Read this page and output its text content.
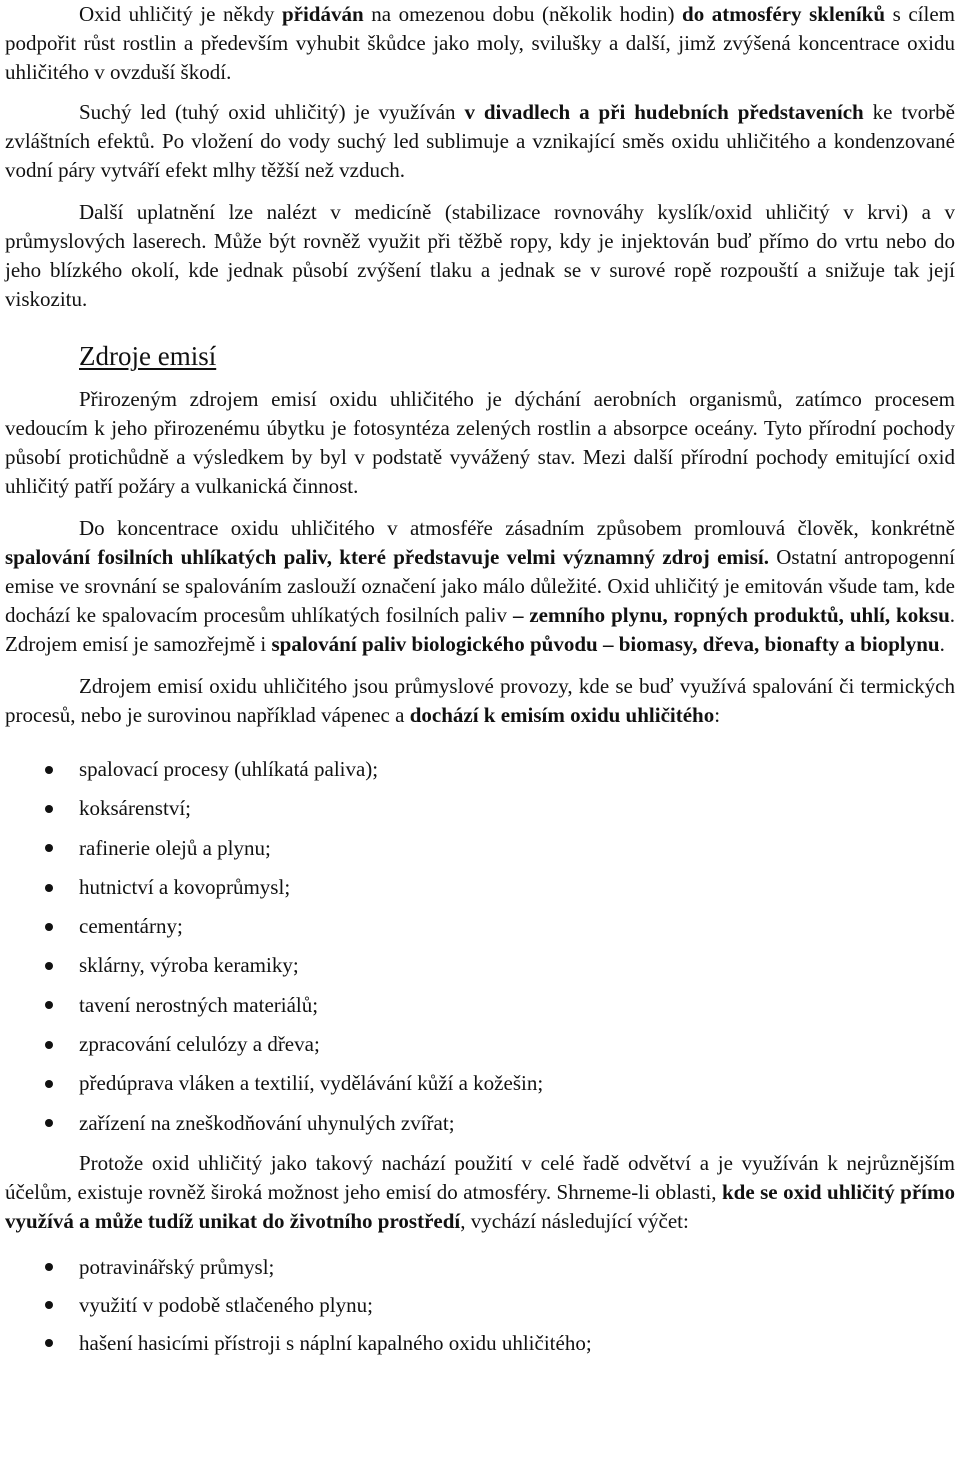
Oxid uhličitý je někdy přidáván na omezenou dobu (několik hodin) do atmosféry skleníků s cílem podpořit růst rostlin a především vyhubit škůdce jako moly, svilušky a další, jimž zvýšená koncentrace oxidu uhličitého v ovzduší škodí.

Suchý led (tuhý oxid uhličitý) je využíván v divadlech a při hudebních představeních ke tvorbě zvláštních efektů. Po vložení do vody suchý led sublimuje a vznikající směs oxidu uhličitého a kondenzované vodní páry vytváří efekt mlhy těžší než vzduch.

Další uplatnění lze nalézt v medicíně (stabilizace rovnováhy kyslík/oxid uhličitý v krvi) a v průmyslových laserech. Může být rovněž využit při těžbě ropy, kdy je injektován buď přímo do vrtu nebo do jeho blízkého okolí, kde jednak působí zvýšení tlaku a jednak se v surové ropě rozpouští a snižuje tak její viskozitu.

Zdroje emisí

Přirozeným zdrojem emisí oxidu uhličitého je dýchání aerobních organismů, zatímco procesem vedoucím k jeho přirozenému úbytku je fotosyntéza zelených rostlin a absorpce oceány. Tyto přírodní pochody působí protichůdně a výsledkem by byl v podstatě vyvážený stav. Mezi další přírodní pochody emitující oxid uhličitý patří požáry a vulkanická činnost.

Do koncentrace oxidu uhličitého v atmosféře zásadním způsobem promlouvá člověk, konkrétně spalování fosilních uhlíkatých paliv, které představuje velmi významný zdroj emisí. Ostatní antropogenní emise ve srovnání se spalováním zaslouží označení jako málo důležité. Oxid uhličitý je emitován všude tam, kde dochází ke spalovacím procesům uhlíkatých fosilních paliv – zemního plynu, ropných produktů, uhlí, koksu. Zdrojem emisí je samozřejmě i spalování paliv biologického původu – biomasy, dřeva, bionafty a bioplynu.

Zdrojem emisí oxidu uhličitého jsou průmyslové provozy, kde se buď využívá spalování či termických procesů, nebo je surovinou například vápenec a dochází k emisím oxidu uhličitého:

spalovací procesy (uhlíkatá paliva);
koksárenství;
rafinerie olejů a plynu;
hutnictví a kovoprůmysl;
cementárny;
sklárny, výroba keramiky;
tavení nerostných materiálů;
zpracování celulózy a dřeva;
předúprava vláken a textilií, vydělávání kůží a kožešin;
zařízení na zneškodňování uhynulých zvířat;

Protože oxid uhličitý jako takový nachází použití v celé řadě odvětví a je využíván k nejrůznějším účelům, existuje rovněž široká možnost jeho emisí do atmosféry. Shrneme-li oblasti, kde se oxid uhličitý přímo využívá a může tudíž unikat do životního prostředí, vychází následující výčet:

potravinářský průmysl;
využití v podobě stlačeného plynu;
hašení hasicími přístroji s náplní kapalného oxidu uhličitého;
